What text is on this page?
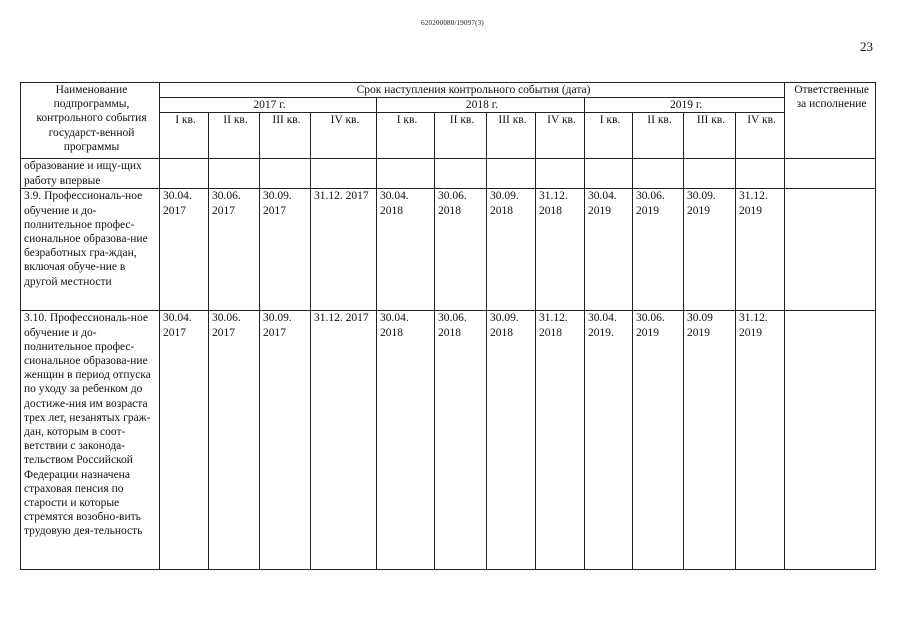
620200080/19097(3)
23
Наименование подпрограммы, контрольного события государст-венной программы	Срок наступления контрольного события (дата)												Ответственные за исполнение
	2017 г.				2018 г.				2019 г.				
	I кв.	II кв.	III кв.	IV кв.	I кв.	II кв.	III кв.	IV кв.	I кв.	II кв.	III кв.	IV кв.	
образование и ищу-щих работу впервые													
3.9. Профессиональ-ное обучение и до-полнительное профес-сиональное образова-ние безработных гра-ждан, включая обуче-ние в другой местности	30.04. 2017	30.06. 2017	30.09. 2017	31.12. 2017	30.04. 2018	30.06. 2018	30.09. 2018	31.12. 2018	30.04. 2019	30.06. 2019	30.09. 2019	31.12. 2019	
3.10. Профессиональ-ное обучение и до-полнительное профес-сиональное образова-ние женщин в период отпуска по уходу за ребенком до достиже-ния им возраста трех лет, незанятых граж-дан, которым в соот-ветствии с законода-тельством Российской Федерации назначена страховая пенсия по старости и которые стремятся возобно-вить трудовую дея-тельность	30.04. 2017	30.06. 2017	30.09. 2017	31.12. 2017	30.04. 2018	30.06. 2018	30.09. 2018	31.12. 2018	30.04. 2019.	30.06. 2019	30.09 2019	31.12. 2019	
